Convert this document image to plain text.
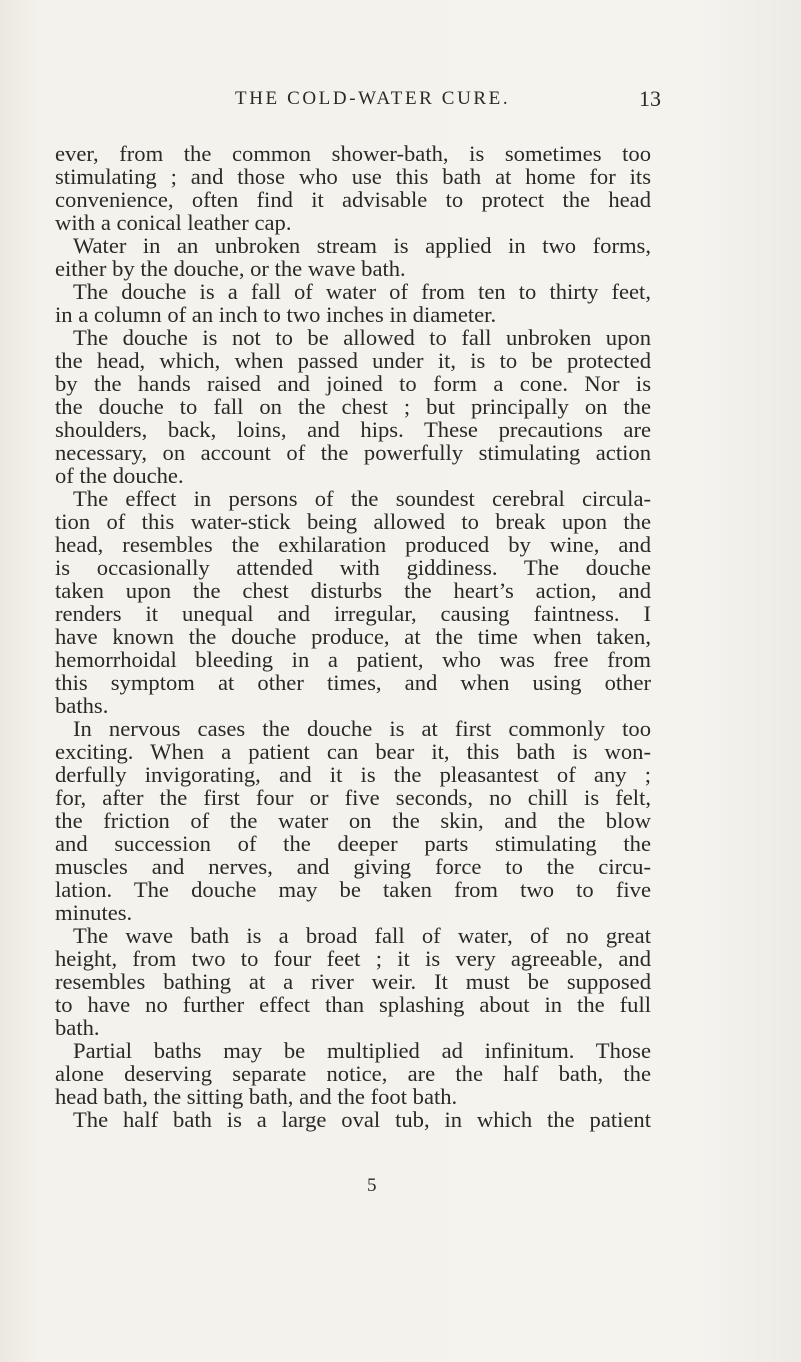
THE COLD-WATER CURE.	13
ever, from the common shower-bath, is sometimes too
stimulating ; and those who use this bath at home for its
convenience, often find it advisable to protect the head
with a conical leather cap.
Water in an unbroken stream is applied in two forms,
either by the douche, or the wave bath.
The douche is a fall of water of from ten to thirty feet,
in a column of an inch to two inches in diameter.
The douche is not to be allowed to fall unbroken upon
the head, which, when passed under it, is to be protected
by the hands raised and joined to form a cone. Nor is
the douche to fall on the chest ; but principally on the
shoulders, back, loins, and hips. These precautions are
necessary, on account of the powerfully stimulating action
of the douche.
The effect in persons of the soundest cerebral circula-
tion of this water-stick being allowed to break upon the
head, resembles the exhilaration produced by wine, and
is occasionally attended with giddiness. The douche
taken upon the chest disturbs the heart’s action, and
renders it unequal and irregular, causing faintness. I
have known the douche produce, at the time when taken,
hemorrhoidal bleeding in a patient, who was free from
this symptom at other times, and when using other
baths.
In nervous cases the douche is at first commonly too
exciting. When a patient can bear it, this bath is won-
derfully invigorating, and it is the pleasantest of any ;
for, after the first four or five seconds, no chill is felt,
the friction of the water on the skin, and the blow
and succession of the deeper parts stimulating the
muscles and nerves, and giving force to the circu-
lation. The douche may be taken from two to five
minutes.
The wave bath is a broad fall of water, of no great
height, from two to four feet ; it is very agreeable, and
resembles bathing at a river weir. It must be supposed
to have no further effect than splashing about in the full
bath.
Partial baths may be multiplied ad infinitum. Those
alone deserving separate notice, are the half bath, the
head bath, the sitting bath, and the foot bath.
The half bath is a large oval tub, in which the patient
5
